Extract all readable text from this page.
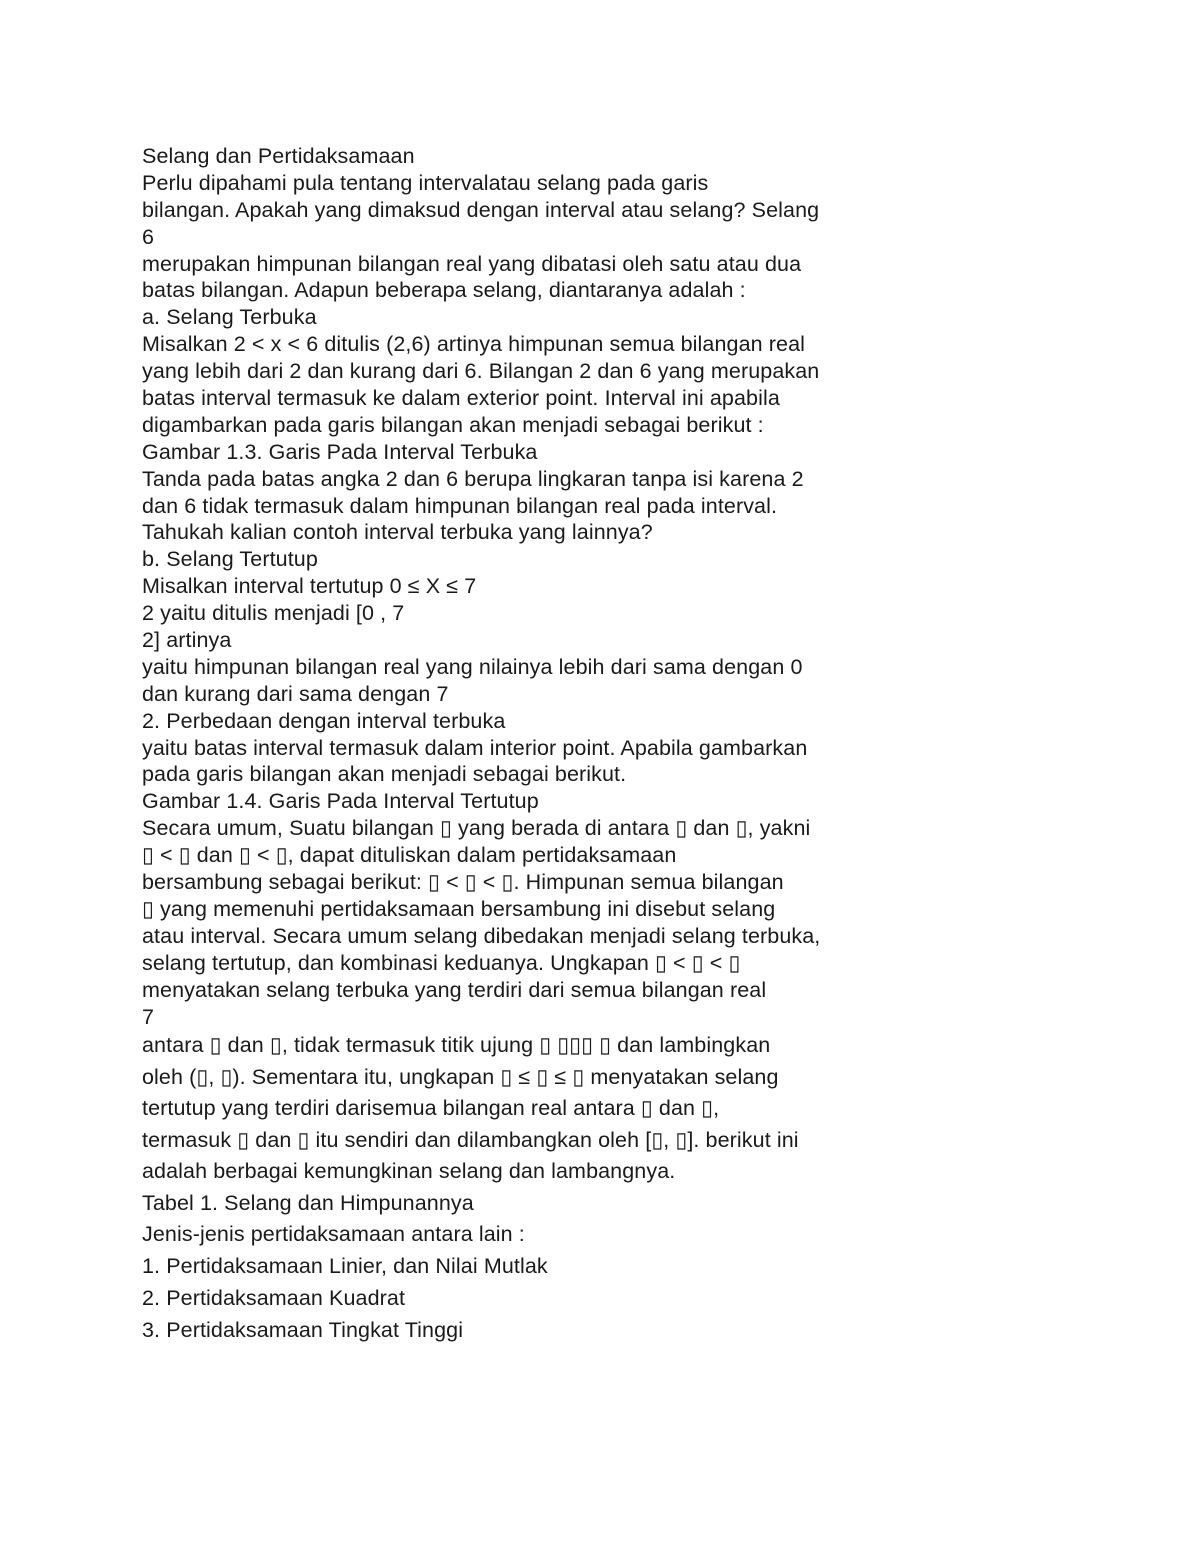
Selang dan Pertidaksamaan
Perlu dipahami pula tentang intervalatau selang pada garis
bilangan. Apakah yang dimaksud dengan interval atau selang? Selang
6
merupakan himpunan bilangan real yang dibatasi oleh satu atau dua
batas bilangan. Adapun beberapa selang, diantaranya adalah :
a. Selang Terbuka
Misalkan 2 < x < 6 ditulis (2,6) artinya himpunan semua bilangan real
yang lebih dari 2 dan kurang dari 6. Bilangan 2 dan 6 yang merupakan
batas interval termasuk ke dalam exterior point. Interval ini apabila
digambarkan pada garis bilangan akan menjadi sebagai berikut :
Gambar 1.3. Garis Pada Interval Terbuka
Tanda pada batas angka 2 dan 6 berupa lingkaran tanpa isi karena 2
dan 6 tidak termasuk dalam himpunan bilangan real pada interval.
Tahukah kalian contoh interval terbuka yang lainnya?
b. Selang Tertutup
Misalkan interval tertutup 0 ≤ X ≤ 7
2 yaitu ditulis menjadi [0 , 7
2] artinya
yaitu himpunan bilangan real yang nilainya lebih dari sama dengan 0
dan kurang dari sama dengan 7
2. Perbedaan dengan interval terbuka
yaitu batas interval termasuk dalam interior point. Apabila gambarkan
pada garis bilangan akan menjadi sebagai berikut.
Gambar 1.4. Garis Pada Interval Tertutup
Secara umum, Suatu bilangan ▯ yang berada di antara ▯ dan ▯, yakni
▯ < ▯ dan ▯ < ▯, dapat dituliskan dalam pertidaksamaan
bersambung sebagai berikut: ▯ < ▯ < ▯. Himpunan semua bilangan
▯ yang memenuhi pertidaksamaan bersambung ini disebut selang
atau interval. Secara umum selang dibedakan menjadi selang terbuka,
selang tertutup, dan kombinasi keduanya. Ungkapan ▯ < ▯ < ▯
menyatakan selang terbuka yang terdiri dari semua bilangan real
7
antara ▯ dan ▯, tidak termasuk titik ujung ▯ ▯▯▯ ▯ dan lambingkan
oleh (▯, ▯). Sementara itu, ungkapan ▯ ≤ ▯ ≤ ▯ menyatakan selang
tertutup yang terdiri darisemua bilangan real antara ▯ dan ▯,
termasuk ▯ dan ▯ itu sendiri dan dilambangkan oleh [▯, ▯]. berikut ini
adalah berbagai kemungkinan selang dan lambangnya.
Tabel 1. Selang dan Himpunannya
Jenis-jenis pertidaksamaan antara lain :
1. Pertidaksamaan Linier, dan Nilai Mutlak
2. Pertidaksamaan Kuadrat
3. Pertidaksamaan Tingkat Tinggi
